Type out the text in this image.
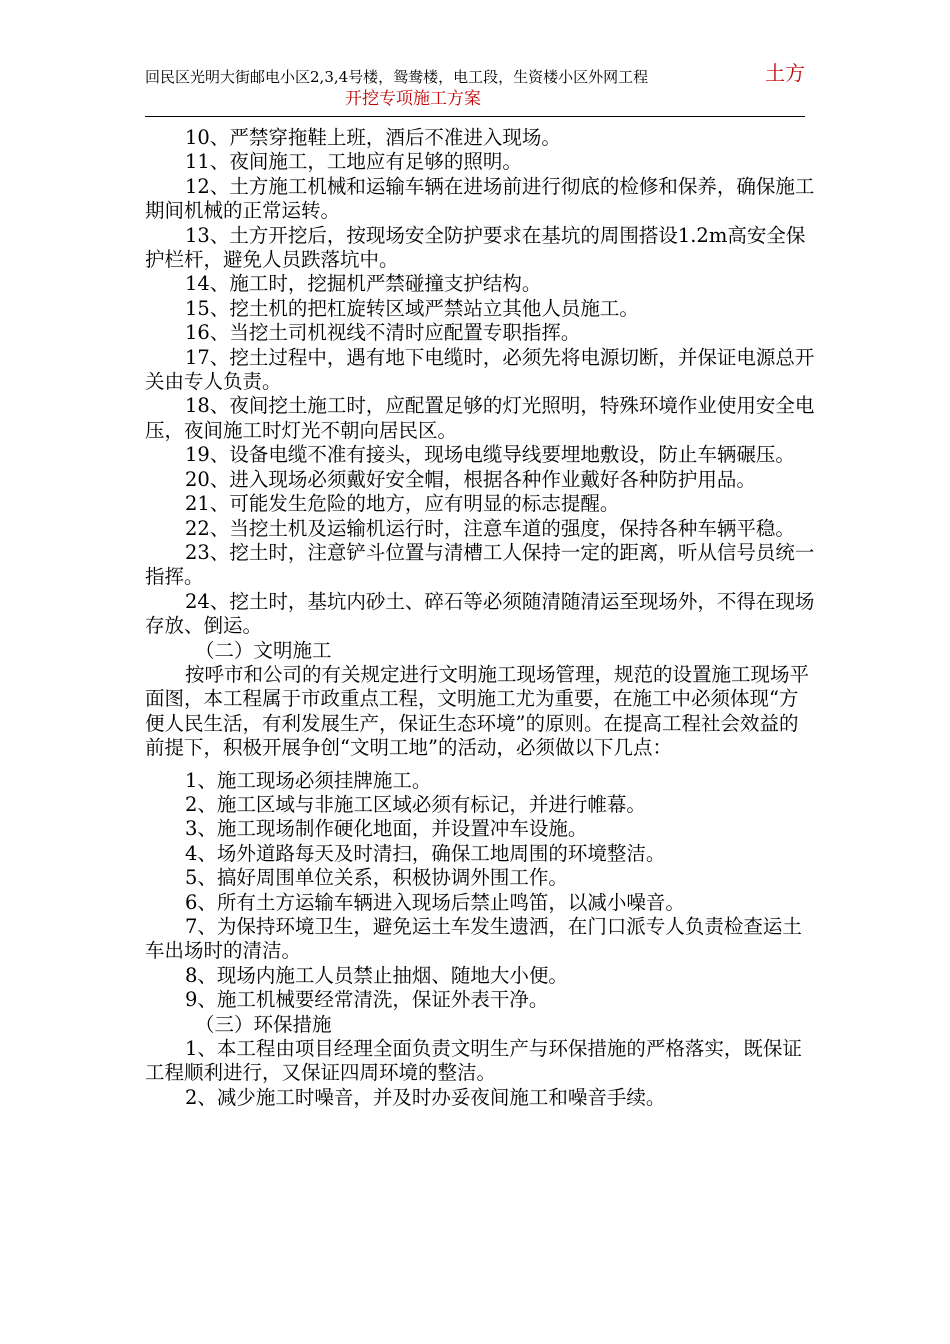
回民区光明大街邮电小区2,3,4号楼，鸳鸯楼，电工段，生资楼小区外网工程	土方
开挖专项施工方案

10、严禁穿拖鞋上班，酒后不准进入现场。

11、夜间施工，工地应有足够的照明。

12、土方施工机械和运输车辆在进场前进行彻底的检修和保养，确保施工期间机械的正常运转。

13、土方开挖后，按现场安全防护要求在基坑的周围搭设1.2m高安全保护栏杆，避免人员跌落坑中。

14、施工时，挖掘机严禁碰撞支护结构。

15、挖土机的把杠旋转区域严禁站立其他人员施工。

16、当挖土司机视线不清时应配置专职指挥。

17、挖土过程中，遇有地下电缆时，必须先将电源切断，并保证电源总开关由专人负责。

18、夜间挖土施工时，应配置足够的灯光照明，特殊环境作业使用安全电压，夜间施工时灯光不朝向居民区。

19、设备电缆不准有接头，现场电缆导线要埋地敷设，防止车辆碾压。

20、进入现场必须戴好安全帽，根据各种作业戴好各种防护用品。

21、可能发生危险的地方，应有明显的标志提醒。

22、当挖土机及运输机运行时，注意车道的强度，保持各种车辆平稳。

23、挖土时，注意铲斗位置与清槽工人保持一定的距离，听从信号员统一指挥。

24、挖土时，基坑内砂土、碎石等必须随清随清运至现场外，不得在现场存放、倒运。

（二）文明施工

按呼市和公司的有关规定进行文明施工现场管理，规范的设置施工现场平面图，本工程属于市政重点工程，文明施工尤为重要，在施工中必须体现“方便人民生活，有利发展生产，保证生态环境”的原则。在提高工程社会效益的前提下，积极开展争创“文明工地”的活动，必须做以下几点：

1、施工现场必须挂牌施工。

2、施工区域与非施工区域必须有标记，并进行帷幕。

3、施工现场制作硬化地面，并设置冲车设施。

4、场外道路每天及时清扫，确保工地周围的环境整洁。

5、搞好周围单位关系，积极协调外围工作。

6、所有土方运输车辆进入现场后禁止鸣笛，以减小噪音。

7、为保持环境卫生，避免运土车发生遗洒，在门口派专人负责检查运土车出场时的清洁。

8、现场内施工人员禁止抽烟、随地大小便。

9、施工机械要经常清洗，保证外表干净。

（三）环保措施

1、本工程由项目经理全面负责文明生产与环保措施的严格落实，既保证工程顺利进行，又保证四周环境的整洁。

2、减少施工时噪音，并及时办妥夜间施工和噪音手续。
